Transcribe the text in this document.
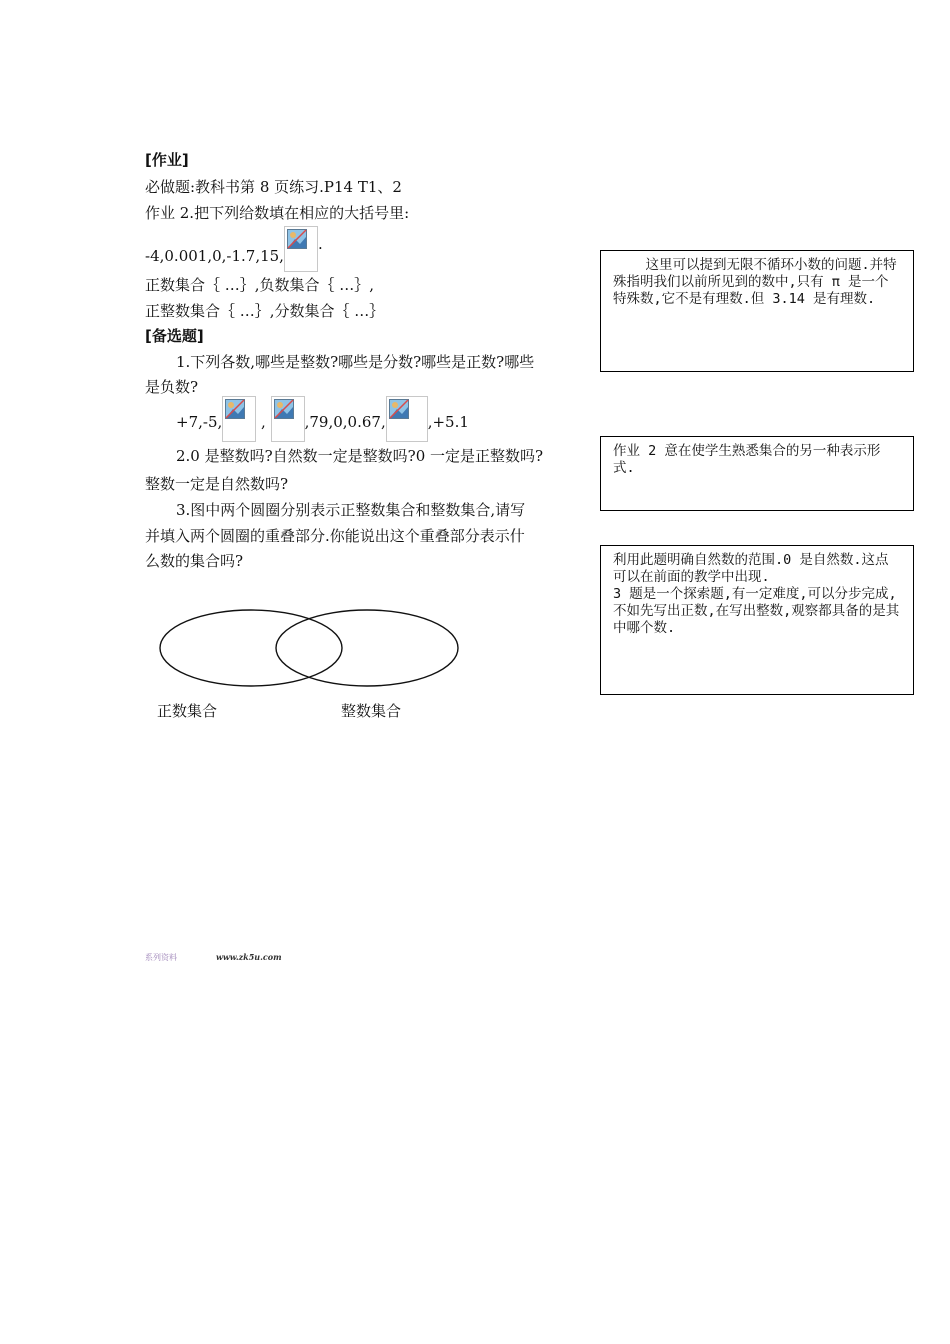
[作业]
必做题:教科书第 8 页练习.P14 T1、2
作业 2.把下列给数填在相应的大括号里:
-4,0.001,0,-1.7,15,
.
正数集合｛ …｝,负数集合｛ …｝,
正整数集合｛ …｝,分数集合｛ …｝
[备选题]
1.下列各数,哪些是整数?哪些是分数?哪些是正数?哪些
是负数?
+7,-5,	,	,79,0,0.67,	,+5.1
2.0 是整数吗?自然数一定是整数吗?0 一定是正整数吗?
整数一定是自然数吗?
3.图中两个圆圈分别表示正整数集合和整数集合,请写
并填入两个圆圈的重叠部分.你能说出这个重叠部分表示什
么数的集合吗?
正数集合	整数集合
这里可以提到无限不循环小数的问题.并特殊指明我们以前所见到的数中,只有 π 是一个特殊数,它不是有理数.但 3.14 是有理数.
作业 2 意在使学生熟悉集合的另一种表示形式.
利用此题明确自然数的范围.0 是自然数.这点可以在前面的教学中出现.
3 题是一个探索题,有一定难度,可以分步完成,不如先写出正数,在写出整数,观察都具备的是其中哪个数.
系列资料	www.zk5u.com
